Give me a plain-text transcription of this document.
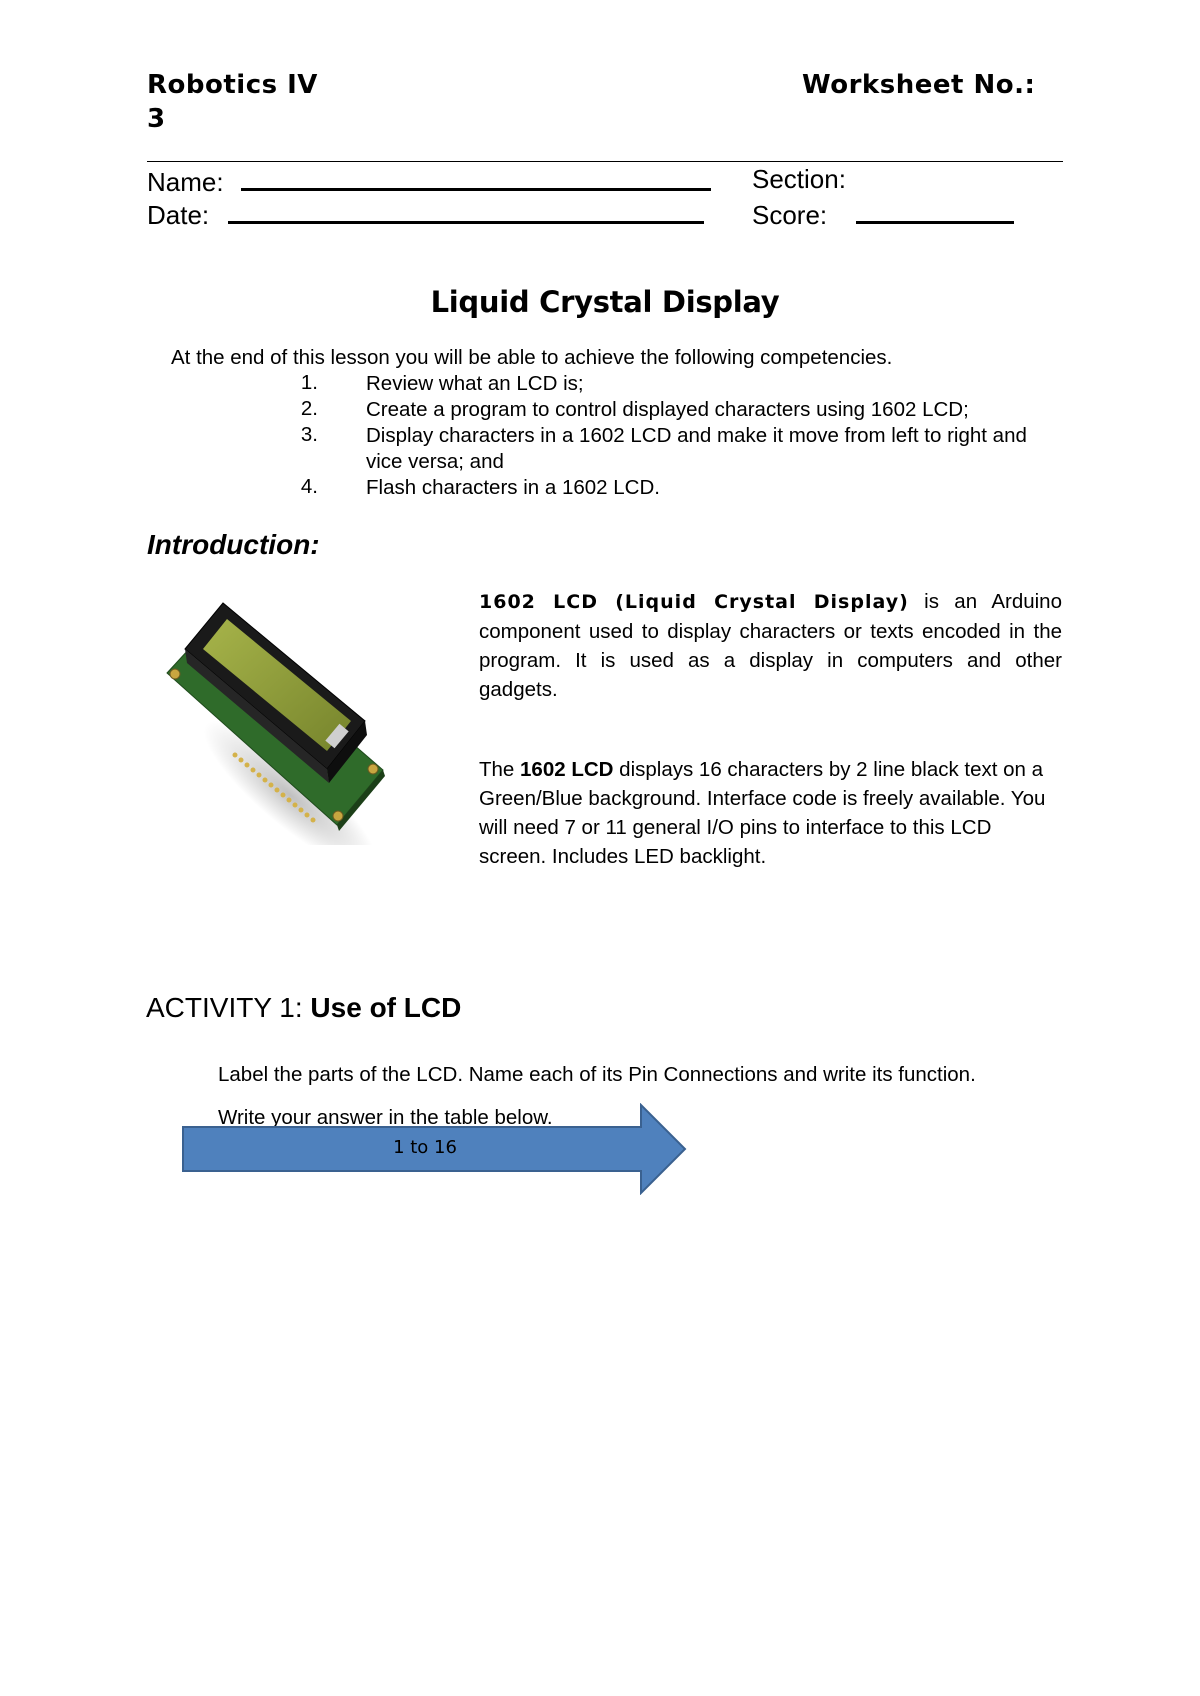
Robotics IV	Worksheet No.:
3
Name:	Section:
Date:	Score:
Liquid Crystal Display
At the end of this lesson you will be able to achieve the following competencies.
1. Review what an LCD is;
2. Create a program to control displayed characters using 1602 LCD;
3. Display characters in a 1602 LCD and make it move from left to right and vice versa; and
4. Flash characters in a 1602 LCD.
Introduction:
1602 LCD (Liquid Crystal Display) is an Arduino component used to display characters or texts encoded in the program. It is used as a display in computers and other gadgets.
The 1602 LCD displays 16 characters by 2 line black text on a Green/Blue background. Interface code is freely available. You will need 7 or 11 general I/O pins to interface to this LCD screen. Includes LED backlight.
ACTIVITY 1: Use of LCD
Label the parts of the LCD. Name each of its Pin Connections and write its function.
Write your answer in the table below.
1 to 16
